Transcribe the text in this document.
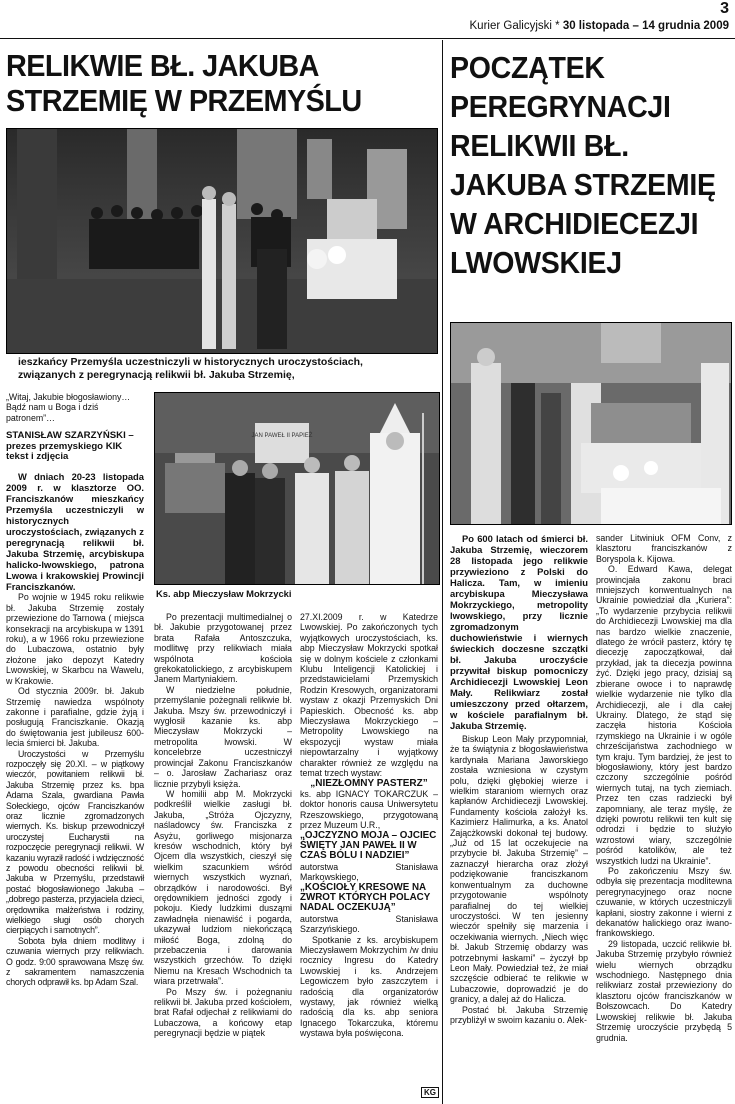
3
Kurier Galicyjski * 30 listopada – 14 grudnia 2009
RELIKWIE BŁ. JAKUBA STRZEMIĘ W PRZEMYŚLU
ieszkańcy Przemyśla uczestniczyli w historycznych uroczystościach, związanych z peregrynacją relikwii bł. Jakuba Strzemię,

„Witaj, Jakubie błogosławiony… Bądź nam u Boga i dziś patronem”…

STANISŁAW SZARZYŃSKI – prezes przemyskiego KIK tekst i zdjęcia

W dniach 20-23 listopada 2009 r. w klasztorze OO. Franciszkanów mieszkańcy Przemyśla uczestniczyli w historycznych uroczystościach, związanych z peregrynacją relikwii bł. Jakuba Strzemię, arcybiskupa halicko-lwowskiego, patrona Lwowa i krakowskiej Prowincji Franciszkanów.

Po wojnie w 1945 roku relikwie bł. Jakuba Strzemię zostały przewiezione do Tarnowa ( miejsca konsekracji na arcybiskupa w 1391 roku), a w 1966 roku przewiezione do Lubaczowa, ostatnio były złożone jako depozyt Katedry Lwowskiej, w Skarbcu na Wawelu, w Krakowie.

Od stycznia 2009r. bł. Jakub Strzemię nawiedza wspólnoty zakonne i parafialne, gdzie żyją i posługują Franciszkanie. Okazją do świętowania jest jubileusz 600-lecia śmierci bł. Jakuba.

Uroczystości w Przemyślu rozpoczęły się 20.XI. – w piątkowy wieczór, powitaniem relikwii bł. Jakuba Strzemię przez ks. bpa Adama Szala, gwardiana Pawła Sołeckiego, ojców Franciszkanów oraz licznie zgromadzonych wiernych. Ks. biskup przewodniczył uroczystej Eucharystii na rozpoczęcie peregrynacji relikwii. W kazaniu wyraził radość i wdzięczność z powodu obecności relikwii bł. Jakuba w Przemyślu, przedstawił postać błogosławionego Jakuba –„dobrego pasterza, przyjaciela dzieci, orędownika małżeństwa i rodziny, wielkiego sługi osób chorych cierpiących i samotnych”.

Sobota była dniem modlitwy i czuwania wiernych przy relikwiach. O godz. 9:00 sprawowana Mszę św. z sakramentem namaszczenia chorych odprawił ks. bp Adam Szal.

JAN PAWEŁ II PAPIEŻ
Ks. abp Mieczysław Mokrzycki

Po prezentacji multimedialnej o bł. Jakubie przygotowanej przez brata Rafała Antoszczuka, modlitwę przy relikwiach miała wspólnota kościoła grekokatolickiego, z arcybiskupem Janem Martyniakiem.

W niedzielne południe, przemyślanie pożegnali relikwie bł. Jakuba. Mszy św. przewodniczył i wygłosił kazanie ks. abp Mieczysław Mokrzycki – metropolita lwowski. W koncelebrze uczestniczył prowincjał Zakonu Franciszkanów – o. Jarosław Zachariasz oraz licznie przybyli księża.

W homilii abp M. Mokrzycki podkreślił wielkie zasługi bł. Jakuba, „Stróża Ojczyzny, naśladowcy św. Franciszka z Asyżu, gorliwego misjonarza kresów wschodnich, który był Ojcem dla wszystkich, cieszył się wielkim szacunkiem wśród wiernych wszystkich wyznań, obrządków i narodowości. Był orędownikiem jedności zgody i pokoju. Kiedy ludzkimi dusząmi zawładnęła nienawiść i pogarda, ukazywał ludziom niekończącą miłość Boga, zdolną do przebaczenia i darowania wszystkich grzechów. To dzięki Niemu na Kresach Wschodnich ta wiara przetrwała”.

Po Mszy św. i pożegnaniu relikwii bł. Jakuba przed kościołem, brat Rafał odjechał z relikwiami do Lubaczowa, a końcowy etap peregrynacji będzie w piątek

27.XI.2009 r. w Katedrze Lwowskiej. Po zakończonych tych wyjątkowych uroczystościach, ks. abp Mieczysław Mokrzycki spotkał się w dolnym kościele z członkami Klubu Inteligencji Katolickiej i przedstawicielami Przemyskich Rodzin Kresowych, organizatorami wystaw z okazji Przemyskich Dni Papieskich. Obecność ks. abp Mieczysława Mokrzyckiego – Metropolity Lwowskiego na ekspozycji wystaw miała niepowtarzalny i wyjątkowy charakter również ze względu na temat trzech wystaw:

„NIEZŁOMNY PASTERZ”

ks. abp IGNACY TOKARCZUK – doktor honoris causa Uniwersytetu Rzeszowskiego, przygotowaną przez Muzeum U.R.,

„OJCZYZNO MOJA – OJCIEC ŚWIĘTY JAN PAWEŁ II W CZAS BÓLU I NADZIEI”

autorstwa Stanisława Markowskiego,

„KOŚCIOŁY KRESOWE NA ZWROT KTÓRYCH POLACY NADAL OCZEKUJĄ”

autorstwa Stanisława Szarzyńskiego.

Spotkanie z ks. arcybiskupem Mieczysławem Mokrzychim /w dniu rocznicy Ingresu do Katedry Lwowskiej i ks. Andrzejem Legowiczem było zaszczytem i radością dla organizatorów wystawy, jak również wielką radością dla ks. abp seniora Ignacego Tokarczuka, któremu wystawa była poświęcona.

KG
POCZĄTEK PEREGRYNACJI RELIKWII BŁ. JAKUBA STRZEMIĘ W ARCHIDIECEZJI LWOWSKIEJ

Po 600 latach od śmierci bł. Jakuba Strzemię, wieczorem 28 listopada jego relikwie przywieziono z Polski do Halicza. Tam, w imieniu arcybiskupa Mieczysława Mokrzyckiego, metropolity lwowskiego, przy licznie zgromadzonym duchowieństwie i wiernych świeckich doczesne szczątki bł. Jakuba uroczyście przywitał biskup pomocniczy Archidiecezji Lwowskiej Leon Mały. Relikwiarz został umieszczony przed ołtarzem, w kościele parafialnym bł. Jakuba Strzemię.

Biskup Leon Mały przypomniał, że ta świątynia z błogosławieństwa kardynała Mariana Jaworskiego została wzniesiona w czystym polu, dzięki głębokiej wierze i wielkim staraniom wiernych oraz kapłanów Archidiecezji Lwowskiej. Fundamenty kościoła założył ks. Kazimierz Halimurka, a ks. Anatol Zającżkowski dokonał tej budowy. „Już od 15 lat oczekujecie na przybycie bł. Jakuba Strzemię” – zaznaczył hierarcha oraz złożył podziękowanie franciszkanom konwentualnym za duchowne przygotowanie wspólnoty parafialnej do tej wielkiej uroczystości. W ten jesienny wieczór spełniły się marzenia i oczekiwania wiernych. „Niech więc bł. Jakub Strzemię obdarzy was potrzebnymi łaskami” – życzył bp Leon Mały. Powiedział też, że miał szczęście odbierać te relikwie w Lubaczowie, doprowadzić je do granicy, a dalej aż do Halicza.

Postać bł. Jakuba Strzemię przybliżył w swoim kazaniu o. Alek-

sander Litwiniuk OFM Conv, z klasztoru franciszkanów z Boryspola k. Kijowa.

O. Edward Kawa, delegat prowincjała zakonu braci mniejszych konwentualnych na Ukrainie powiedział dla „Kuriera”: „To wydarzenie przybycia relikwii do Archidiecezji Lwowskiej ma dla nas bardzo wielkie znaczenie, dlatego że wrócił pasterz, który tę diecezję zapoczątkował, dał przykład, jak ta diecezja powinna żyć. Dzięki jego pracy, dzisiaj są zbierane owoce i to naprawdę wielkie wydarzenie nie tylko dla Archidiecezji, ale i dla całej Ukrainy. Dlatego, że stąd się zaczęła historia Kościoła rzymskiego na Ukrainie i w ogóle chrześcijaństwa zachodniego w tym kraju. Tym bardziej, że jest to błogosławiony, który jest bardzo czczony szczególnie pośród wiernych tutaj, na tych ziemiach. Przez ten czas radziecki był zapomniany, ale teraz myślę, że dzięki powrotu relikwii ten kult się odrodzi i będzie to służyło wzrostowi wiary, szczególnie pośród katolików, ale też wszystkich ludzi na Ukrainie”.

Po zakończeniu Mszy św. odbyła się prezentacja modlitewna peregrynacyjnego oraz nocne czuwanie, w których uczestniczyli kapłani, siostry zakonne i wierni z dekanatów halickiego oraz iwano-frankowskiego.

29 listopada, uczcić relikwie bł. Jakuba Strzemię przybyło również wielu wiernych obrządku wschodniego. Następnego dnia relikwiarz został przewieziony do klasztoru ojców franciszkanów w Bołszowcach. Do Katedry Lwowskiej relikwie bł. Jakuba Strzemię uroczyście przybędą 5 grudnia.
